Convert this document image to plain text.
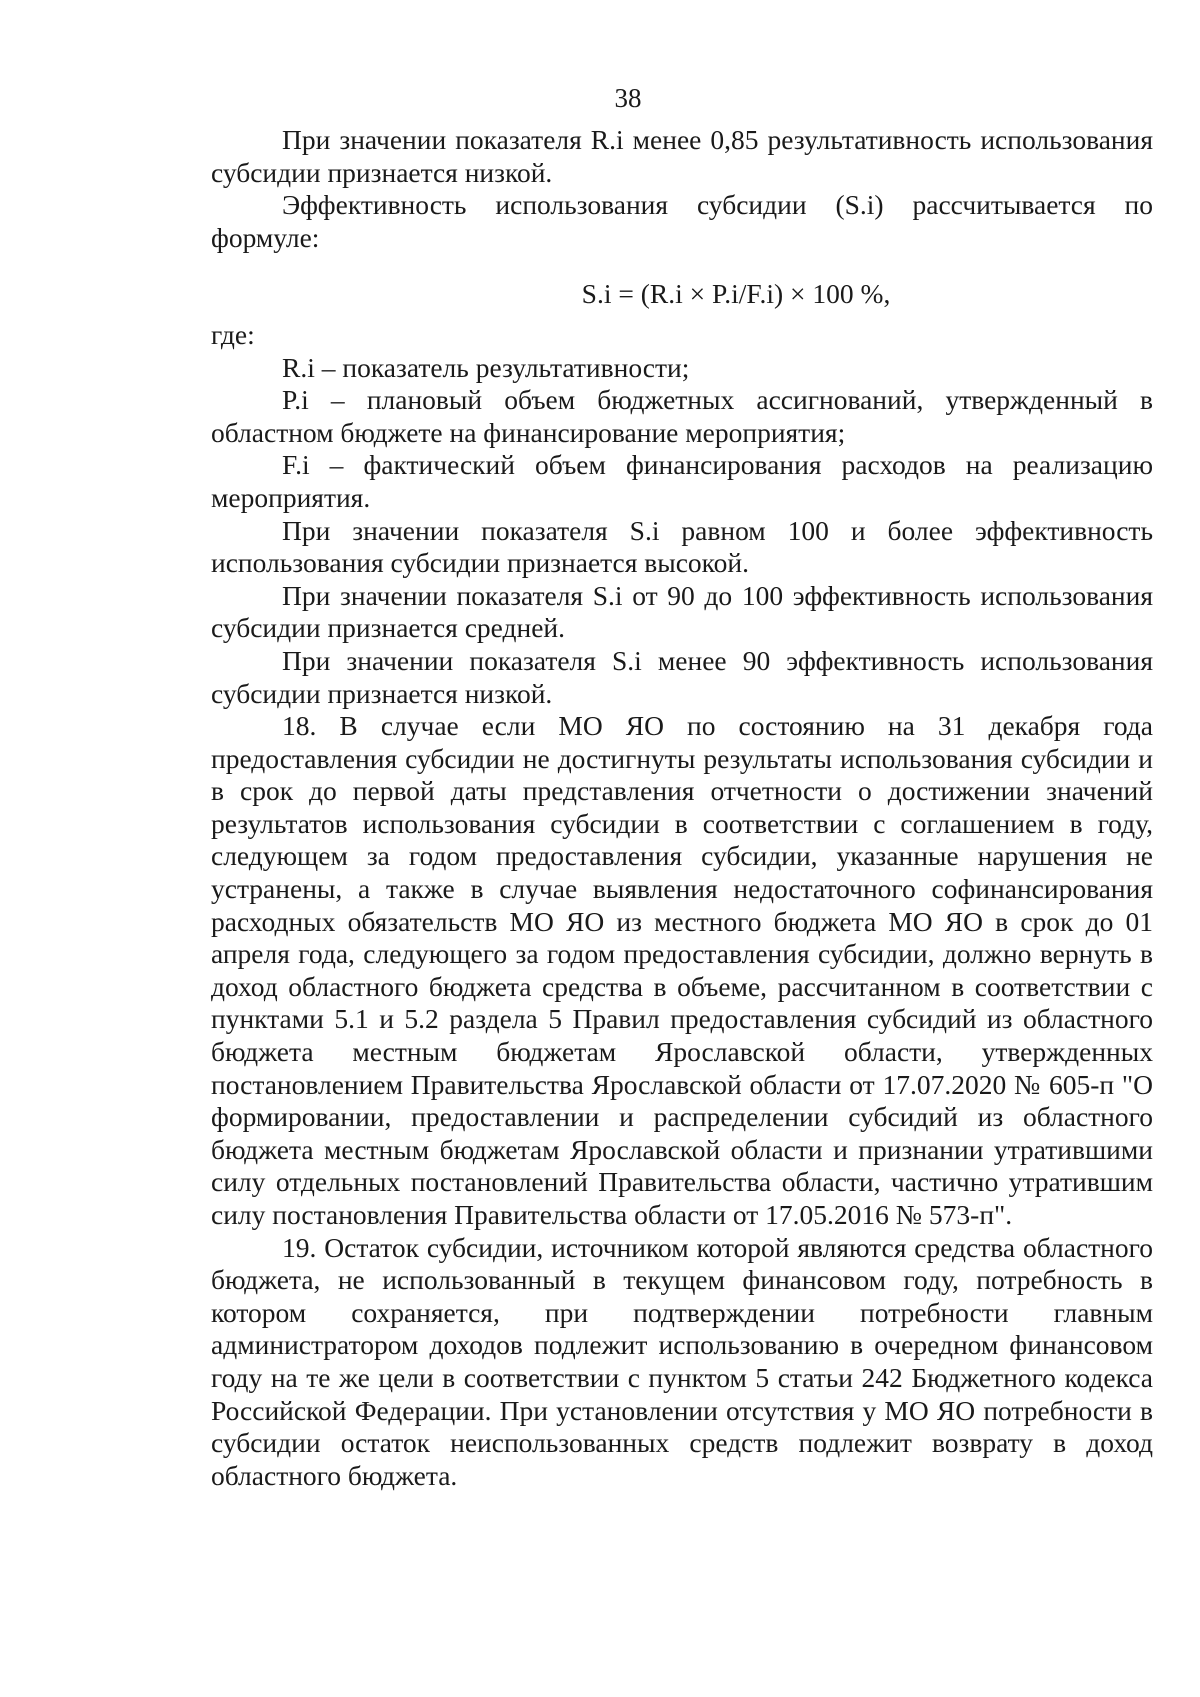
38

При значении показателя R.i менее 0,85 результативность использования субсидии признается низкой.

Эффективность использования субсидии (S.i) рассчитывается по формуле:

S.i = (R.i × P.i/F.i) × 100 %,

где:

R.i – показатель результативности;

P.i – плановый объем бюджетных ассигнований, утвержденный в областном бюджете на финансирование мероприятия;

F.i – фактический объем финансирования расходов на реализацию мероприятия.

При значении показателя S.i равном 100 и более эффективность использования субсидии признается высокой.

При значении показателя S.i от 90 до 100 эффективность использования субсидии признается средней.

При значении показателя S.i менее 90 эффективность использования субсидии признается низкой.

18. В случае если МО ЯО по состоянию на 31 декабря года предоставления субсидии не достигнуты результаты использования субсидии и в срок до первой даты представления отчетности о достижении значений результатов использования субсидии в соответствии с соглашением в году, следующем за годом предоставления субсидии, указанные нарушения не устранены, а также в случае выявления недостаточного софинансирования расходных обязательств МО ЯО из местного бюджета МО ЯО в срок до 01 апреля года, следующего за годом предоставления субсидии, должно вернуть в доход областного бюджета средства в объеме, рассчитанном в соответствии с пунктами 5.1 и 5.2 раздела 5 Правил предоставления субсидий из областного бюджета местным бюджетам Ярославской области, утвержденных постановлением Правительства Ярославской области от 17.07.2020 № 605-п "О формировании, предоставлении и распределении субсидий из областного бюджета местным бюджетам Ярославской области и признании утратившими силу отдельных постановлений Правительства области, частично утратившим силу постановления Правительства области от 17.05.2016 № 573-п".

19. Остаток субсидии, источником которой являются средства областного бюджета, не использованный в текущем финансовом году, потребность в котором сохраняется, при подтверждении потребности главным администратором доходов подлежит использованию в очередном финансовом году на те же цели в соответствии с пунктом 5 статьи 242 Бюджетного кодекса Российской Федерации. При установлении отсутствия у МО ЯО потребности в субсидии остаток неиспользованных средств подлежит возврату в доход областного бюджета.
